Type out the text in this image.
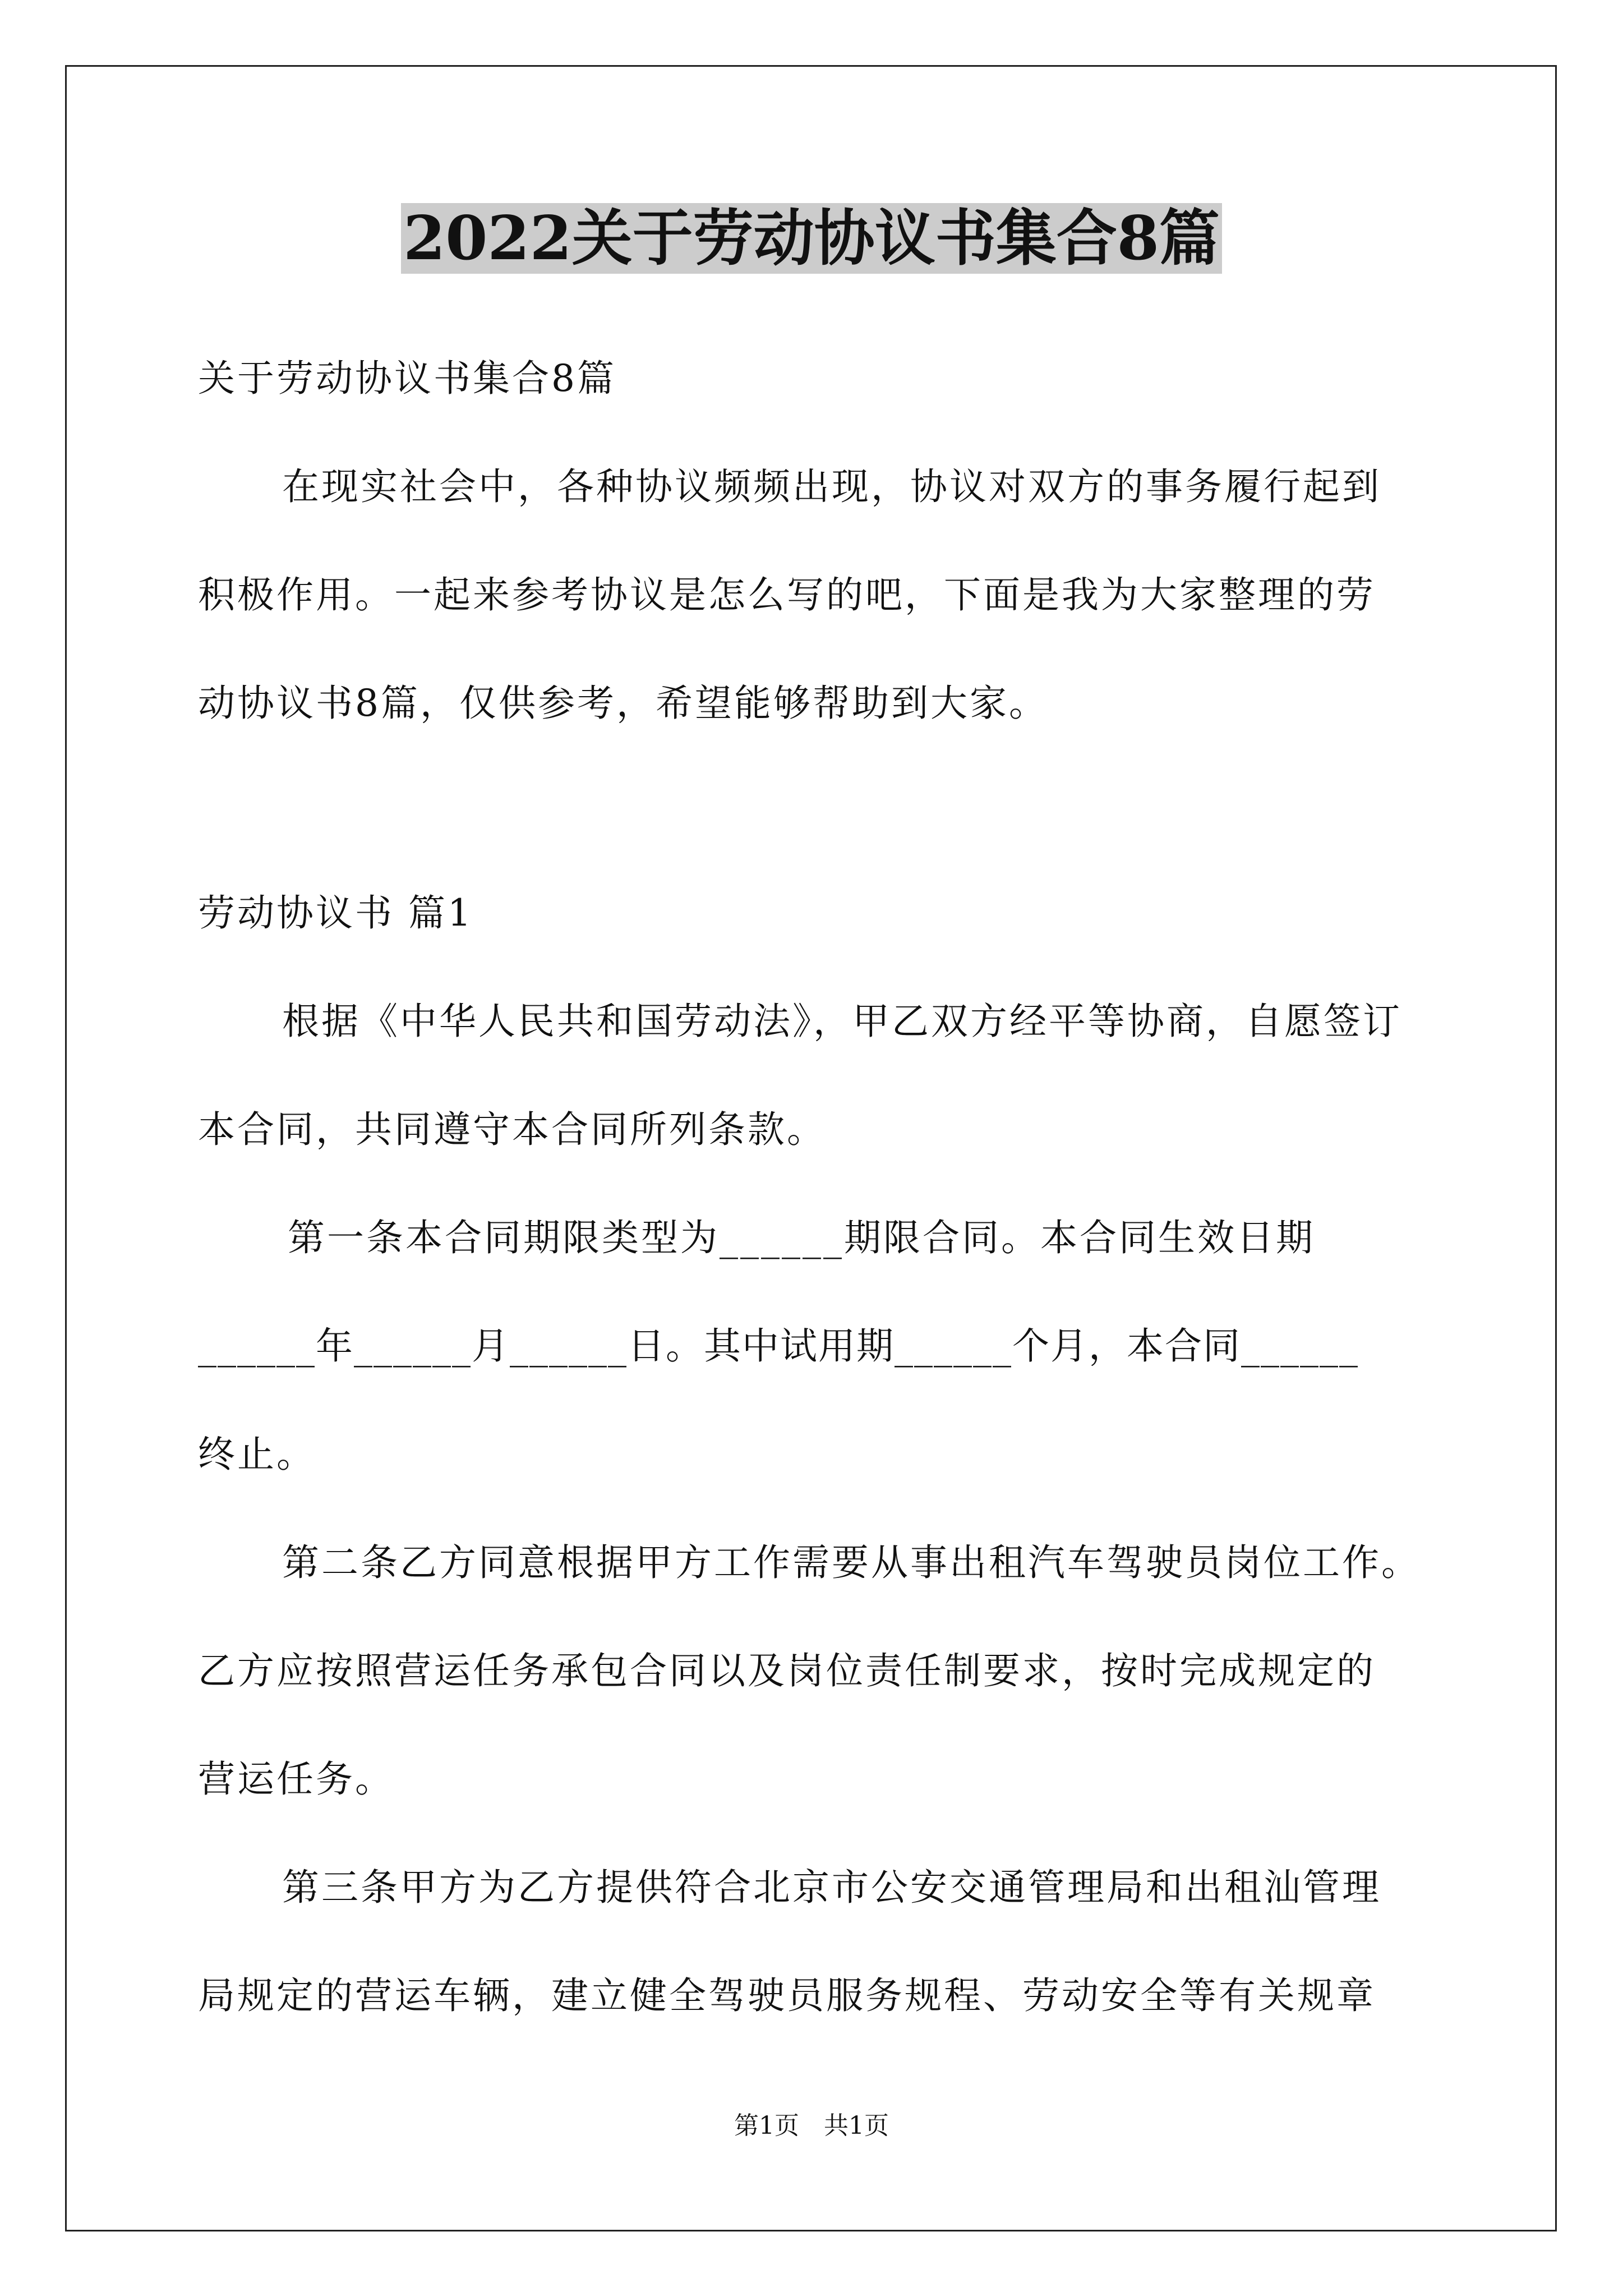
2022关于劳动协议书集合8篇

关于劳动协议书集合8篇

在现实社会中，各种协议频频出现，协议对双方的事务履行起到

积极作用。一起来参考协议是怎么写的吧，下面是我为大家整理的劳

动协议书8篇，仅供参考，希望能够帮助到大家。

劳动协议书 篇1

根据《中华人民共和国劳动法》，甲乙双方经平等协商，自愿签订

本合同，共同遵守本合同所列条款。

第一条本合同期限类型为______期限合同。本合同生效日期

______年______月______日。其中试用期______个月，本合同______

终止。

第二条乙方同意根据甲方工作需要从事出租汽车驾驶员岗位工作。

乙方应按照营运任务承包合同以及岗位责任制要求，按时完成规定的

营运任务。

第三条甲方为乙方提供符合北京市公安交通管理局和出租汕管理

局规定的营运车辆，建立健全驾驶员服务规程、劳动安全等有关规章

第1页　共1页
